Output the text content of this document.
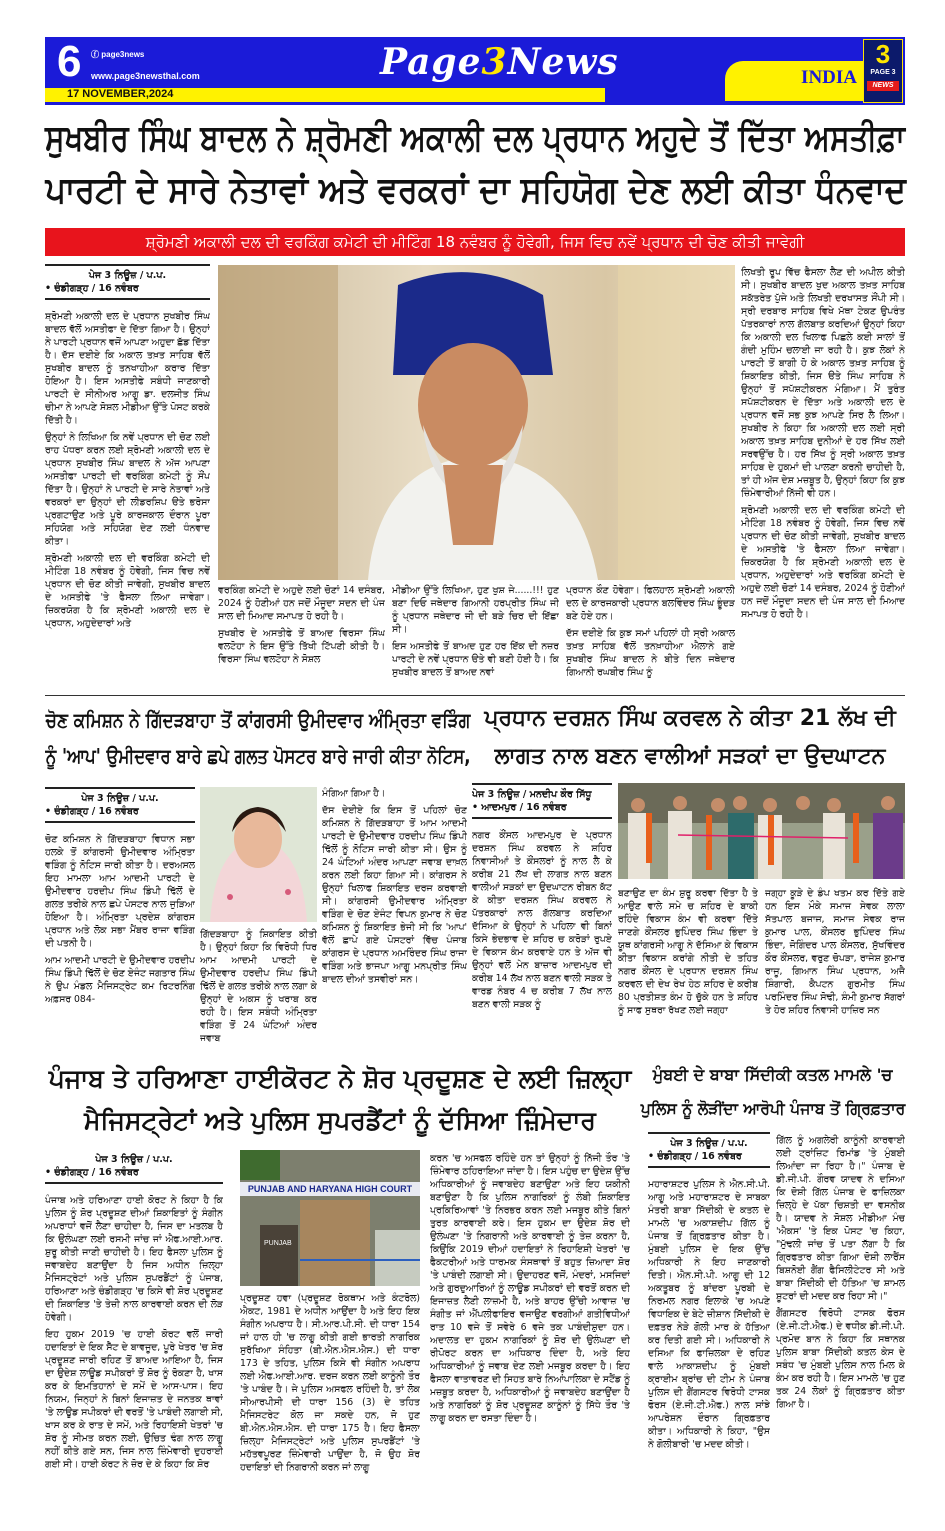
6 ⓕ page3news
www.page3newsthal.com
17 NOVEMBER,2024
Page3News	INDIA
3
PAGE 3
NEWS
ਸੁਖਬੀਰ ਸਿੰਘ ਬਾਦਲ ਨੇ ਸ਼੍ਰੋਮਣੀ ਅਕਾਲੀ ਦਲ ਪ੍ਰਧਾਨ ਅਹੁਦੇ ਤੋਂ ਦਿੱਤਾ ਅਸਤੀਫ਼ਾ
ਪਾਰਟੀ ਦੇ ਸਾਰੇ ਨੇਤਾਵਾਂ ਅਤੇ ਵਰਕਰਾਂ ਦਾ ਸਹਿਯੋਗ ਦੇਣ ਲਈ ਕੀਤਾ ਧੰਨਵਾਦ
ਸ਼੍ਰੋਮਣੀ ਅਕਾਲੀ ਦਲ ਦੀ ਵਰਕਿੰਗ ਕਮੇਟੀ ਦੀ ਮੀਟਿੰਗ 18 ਨਵੰਬਰ ਨੂੰ ਹੋਵੇਗੀ, ਜਿਸ ਵਿਚ ਨਵੇਂ ਪ੍ਰਧਾਨ ਦੀ ਚੋਣ ਕੀਤੀ ਜਾਵੇਗੀ
ਪੇਜ 3 ਨਿਊਜ਼ / ਪ.ਪ.
• ਚੰਡੀਗੜ੍ਹ / 16 ਨਵੰਬਰ

ਸ਼੍ਰੋਮਣੀ ਅਕਾਲੀ ਦਲ ਦੇ ਪ੍ਰਧਾਨ ਸੁਖਬੀਰ ਸਿੰਘ ਬਾਦਲ ਵੱਲੋਂ ਅਸਤੀਫਾ ਦੇ ਦਿੱਤਾ ਗਿਆ ਹੈ। ਉਨ੍ਹਾਂ ਨੇ ਪਾਰਟੀ ਪ੍ਰਧਾਨ ਵਜੋਂ ਆਪਣਾ ਅਹੁਦਾ ਛੱਡ ਦਿੱਤਾ ਹੈ। ਦੱਸ ਦਈਏ ਕਿ ਅਕਾਲ ਤਖ਼ਤ ਸਾਹਿਬ ਵੱਲੋਂ ਸੁਖਬੀਰ ਬਾਦਲ ਨੂੰ ਤਨਖਾਹੀਆ ਕਰਾਰ ਦਿੱਤਾ ਹੋਇਆ ਹੈ। ਇਸ ਅਸਤੀਫੇ ਸਬੰਧੀ ਜਾਣਕਾਰੀ ਪਾਰਟੀ ਦੇ ਸੀਨੀਅਰ ਆਗੂ ਡਾ. ਦਲਜੀਤ ਸਿੰਘ ਚੀਮਾ ਨੇ ਆਪਣੇ ਸੋਸ਼ਲ ਮੀਡੀਆ ਉੱਤੇ ਪੋਸਟ ਕਰਕੇ ਦਿੱਤੀ ਹੈ।

ਉਨ੍ਹਾਂ ਨੇ ਲਿਖਿਆ ਕਿ ਨਵੇਂ ਪ੍ਰਧਾਨ ਦੀ ਚੋਣ ਲਈ ਰਾਹ ਪੱਧਰਾ ਕਰਨ ਲਈ ਸ਼੍ਰੋਮਣੀ ਅਕਾਲੀ ਦਲ ਦੇ ਪ੍ਰਧਾਨ ਸੁਖਬੀਰ ਸਿੰਘ ਬਾਦਲ ਨੇ ਅੱਜ ਆਪਣਾ ਅਸਤੀਫਾ ਪਾਰਟੀ ਦੀ ਵਰਕਿੰਗ ਕਮੇਟੀ ਨੂੰ ਸੌਂਪ ਦਿੱਤਾ ਹੈ। ਉਨ੍ਹਾਂ ਨੇ ਪਾਰਟੀ ਦੇ ਸਾਰੇ ਨੇਤਾਵਾਂ ਅਤੇ ਵਰਕਰਾਂ ਦਾ ਉਨ੍ਹਾਂ ਦੀ ਲੀਡਰਸ਼ਿਪ ੳਤੇ ਭਰੋਸਾ ਪ੍ਰਗਟਾਉਣ ਅਤੇ ਪੂਰੇ ਕਾਰਜਕਾਲ ਦੌਰਾਨ ਪੂਰਾ ਸਹਿਯੋਗ ਅਤੇ ਸਹਿਯੋਗ ਦੇਣ ਲਈ ਧੰਨਵਾਦ ਕੀਤਾ।

ਸ਼੍ਰੋਮਣੀ ਅਕਾਲੀ ਦਲ ਦੀ ਵਰਕਿੰਗ ਕਮੇਟੀ ਦੀ ਮੀਟਿੰਗ 18 ਨਵੰਬਰ ਨੂੰ ਹੋਵੇਗੀ, ਜਿਸ ਵਿਚ ਨਵੇਂ ਪ੍ਰਧਾਨ ਦੀ ਚੋਣ ਕੀਤੀ ਜਾਵੇਗੀ, ਸੁਖਬੀਰ ਬਾਦਲ ਦੇ ਅਸਤੀਫੇ 'ਤੇ ਫੈਸਲਾ ਲਿਆ ਜਾਵੇਗਾ। ਜ਼ਿਕਰਯੋਗ ਹੈ ਕਿ ਸ਼੍ਰੋਮਣੀ ਅਕਾਲੀ ਦਲ ਦੇ ਪ੍ਰਧਾਨ, ਅਹੁਦੇਦਾਰਾਂ ਅਤੇ

ਵਰਕਿੰਗ ਕਮੇਟੀ ਦੇ ਅਹੁਦੇ ਲਈ ਚੋਣਾਂ 14 ਦਸੰਬਰ, 2024 ਨੂੰ ਹੋਣੀਆਂ ਹਨ ਜਦੋਂ ਮੌਜੂਦਾ ਸਦਨ ਦੀ ਪੰਜ ਸਾਲ ਦੀ ਮਿਆਦ ਸਮਾਪਤ ਹੋ ਰਹੀ ਹੈ।

ਸੁਖਬੀਰ ਦੇ ਅਸਤੀਫੇ ਤੋਂ ਬਾਅਦ ਵਿਰਸਾ ਸਿੰਘ ਵਲਟੋਹਾ ਨੇ ਇਸ ਉੱਤੇ ਤਿੱਖੀ ਟਿੱਪਣੀ ਕੀਤੀ ਹੈ। ਵਿਰਸਾ ਸਿੰਘ ਵਲਟੋਹਾ ਨੇ ਸੋਸ਼ਲ

ਮੀਡੀਆ ਉੱਤੇ ਲਿਖਿਆ, ਹੁਣ ਖੁਸ਼ ਜੇ......!!! ਹੁਣ ਬਣਾ ਦਿਓ ਜਥੇਦਾਰ ਗਿਆਨੀ ਹਰਪ੍ਰੀਤ ਸਿੰਘ ਜੀ ਨੂੰ ਪ੍ਰਧਾਨ ਜਥੇਦਾਰ ਜੀ ਦੀ ਬੜੇ ਚਿਰ ਦੀ ਇੱਛਾ ਸੀ।

ਇਸ ਅਸਤੀਫੇ ਤੋਂ ਬਾਅਦ ਹੁਣ ਹਰ ਇੱਕ ਦੀ ਨਜ਼ਰ ਪਾਰਟੀ ਦੇ ਨਵੇਂ ਪ੍ਰਧਾਨ ੳਤੇ ਵੀ ਬਣੀ ਹੋਈ ਹੈ। ਕਿ ਸੁਖਬੀਰ ਬਾਦਲ ਤੋਂ ਬਾਅਦ ਨਵਾਂ

ਪ੍ਰਧਾਨ ਕੌਣ ਹੋਵੇਗਾ। ਫਿਲਹਾਲ ਸ਼੍ਰੋਮਣੀ ਅਕਾਲੀ ਦਲ ਦੇ ਕਾਰਜਕਾਰੀ ਪ੍ਰਧਾਨ ਬਲਵਿੰਦਰ ਸਿੰਘ ਭੂੰਦੜ ਬਣੇ ਹੋਏ ਹਨ।

ਦੱਸ ਦਈਏ ਕਿ ਕੁਝ ਸਮਾਂ ਪਹਿਲਾਂ ਹੀ ਸ੍ਰੀ ਅਕਾਲ ਤਖ਼ਤ ਸਾਹਿਬ ਵੱਲੋਂ ਤਨਖ਼ਾਹੀਆ ਐਲਾਨੇ ਗਏ ਸੁਖਬੀਰ ਸਿੰਘ ਬਾਦਲ ਨੇ ਬੀਤੇ ਦਿਨ ਜਥੇਦਾਰ ਗਿਆਨੀ ਰਘਬੀਰ ਸਿੰਘ ਨੂੰ

ਲਿਖਤੀ ਰੂਪ ਵਿੱਚ ਫੈਸਲਾ ਲੈਣ ਦੀ ਅਪੀਲ ਕੀਤੀ ਸੀ। ਸੁਖਬੀਰ ਬਾਦਲ ਖੁਦ ਅਕਾਲ ਤਖ਼ਤ ਸਾਹਿਬ ਸਕੱਤਰੇਤ ਪੁੱਜੇ ਅਤੇ ਲਿਖਤੀ ਦਰਖਾਸਤ ਸੌਂਪੀ ਸੀ। ਸ੍ਰੀ ਦਰਬਾਰ ਸਾਹਿਬ ਵਿਖੇ ਮੱਥਾ ਟੇਕਣ ਉਪਰੰਤ ਪੱਤਰਕਾਰਾਂ ਨਾਲ ਗੱਲਬਾਤ ਕਰਦਿਆਂ ਉਨ੍ਹਾਂ ਕਿਹਾ ਕਿ ਅਕਾਲੀ ਦਲ ਖਿਲਾਫ ਪਿਛਲੇ ਕਈ ਸਾਲਾਂ ਤੋਂ ਗੰਦੀ ਮੁਹਿੰਮ ਚਲਾਈ ਜਾ ਰਹੀ ਹੈ। ਕੁਝ ਲੋਕਾਂ ਨੇ ਪਾਰਟੀ ਤੋਂ ਬਾਗੀ ਹੋ ਕੇ ਅਕਾਲ ਤਖ਼ਤ ਸਾਹਿਬ ਨੂੰ ਸ਼ਿਕਾਇਤ ਕੀਤੀ, ਜਿਸ ੳਤੇ ਸਿੰਘ ਸਾਹਿਬ ਨੇ ਉਨ੍ਹਾਂ ਤੋਂ ਸਪੱਸ਼ਟੀਕਰਨ ਮੰਗਿਆ। ਮੈਂ ਤੁਰੰਤ ਸਪੱਸ਼ਟੀਕਰਨ ਦੇ ਦਿੱਤਾ ਅਤੇ ਅਕਾਲੀ ਦਲ ਦੇ ਪ੍ਰਧਾਨ ਵਜੋਂ ਸਭ ਕੁਝ ਆਪਣੇ ਸਿਰ ਲੈ ਲਿਆ। ਸੁਖਬੀਰ ਨੇ ਕਿਹਾ ਕਿ ਅਕਾਲੀ ਦਲ ਲਈ ਸ੍ਰੀ ਅਕਾਲ ਤਖ਼ਤ ਸਾਹਿਬ ਦੁਨੀਆਂ ਦੇ ਹਰ ਸਿੱਖ ਲਈ ਸਰਵਉੱਚ ਹੈ। ਹਰ ਸਿੱਖ ਨੂੰ ਸ੍ਰੀ ਅਕਾਲ ਤਖ਼ਤ ਸਾਹਿਬ ਦੇ ਹੁਕਮਾਂ ਦੀ ਪਾਲਣਾ ਕਰਨੀ ਚਾਹੀਦੀ ਹੈ, ਤਾਂ ਹੀ ਅੱਜ ਦੇਸ਼ ਮਜ਼ਬੂਤ ਹੈ, ਉਨ੍ਹਾਂ ਕਿਹਾ ਕਿ ਕੁਝ ਜ਼ਿੰਮੇਵਾਰੀਆਂ ਨਿੱਜੀ ਵੀ ਹਨ।

ਸ਼੍ਰੋਮਣੀ ਅਕਾਲੀ ਦਲ ਦੀ ਵਰਕਿੰਗ ਕਮੇਟੀ ਦੀ ਮੀਟਿੰਗ 18 ਨਵੰਬਰ ਨੂੰ ਹੋਵੇਗੀ, ਜਿਸ ਵਿਚ ਨਵੇਂ ਪ੍ਰਧਾਨ ਦੀ ਚੋਣ ਕੀਤੀ ਜਾਵੇਗੀ, ਸੁਖਬੀਰ ਬਾਦਲ ਦੇ ਅਸਤੀਫੇ 'ਤੇ ਫੈਸਲਾ ਲਿਆ ਜਾਵੇਗਾ। ਜ਼ਿਕਰਯੋਗ ਹੈ ਕਿ ਸ਼੍ਰੋਮਣੀ ਅਕਾਲੀ ਦਲ ਦੇ ਪ੍ਰਧਾਨ, ਅਹੁਦੇਦਾਰਾਂ ਅਤੇ ਵਰਕਿੰਗ ਕਮੇਟੀ ਦੇ ਅਹੁਦੇ ਲਈ ਚੋਣਾਂ 14 ਦਸੰਬਰ, 2024 ਨੂੰ ਹੋਣੀਆਂ ਹਨ ਜਦੋਂ ਮੌਜੂਦਾ ਸਦਨ ਦੀ ਪੰਜ ਸਾਲ ਦੀ ਮਿਆਦ ਸਮਾਪਤ ਹੋ ਰਹੀ ਹੈ।

ਚੋਣ ਕਮਿਸ਼ਨ ਨੇ ਗਿੱਦੜਬਾਹਾ ਤੋਂ ਕਾਂਗਰਸੀ ਉਮੀਦਵਾਰ ਅੰਮ੍ਰਿਤਾ ਵੜਿੰਗ
ਨੂੰ 'ਆਪ' ਉਮੀਦਵਾਰ ਬਾਰੇ ਛਪੇ ਗਲਤ ਪੋਸਟਰ ਬਾਰੇ ਜਾਰੀ ਕੀਤਾ ਨੋਟਿਸ,
ਪੇਜ 3 ਨਿਊਜ਼ / ਪ.ਪ.
• ਚੰਡੀਗੜ੍ਹ / 16 ਨਵੰਬਰ

ਚੋਣ ਕਮਿਸ਼ਨ ਨੇ ਗਿੱਦੜਬਾਹਾ ਵਿਧਾਨ ਸਭਾ ਹਲਕੇ ਤੋਂ ਕਾਂਗਰਸੀ ਉਮੀਦਵਾਰ ਅੰਮ੍ਰਿਤਾ ਵੜਿੰਗ ਨੂੰ ਨੋਟਿਸ ਜਾਰੀ ਕੀਤਾ ਹੈ। ਦਰਅਸਲ ਇਹ ਮਾਮਲਾ ਆਮ ਆਦਮੀ ਪਾਰਟੀ ਦੇ ਉਮੀਦਵਾਰ ਹਰਦੀਪ ਸਿੰਘ ਡਿੰਪੀ ਢਿੱਲੋਂ ਦੇ ਗਲਤ ਤਰੀਕੇ ਨਾਲ ਛਪੇ ਪੋਸਟਰ ਨਾਲ ਜੁੜਿਆ ਹੋਇਆ ਹੈ। ਅੰਮ੍ਰਿਤਾ ਪ੍ਰਦੇਸ਼ ਕਾਂਗਰਸ ਪ੍ਰਧਾਨ ਅਤੇ ਲੋਕ ਸਭਾ ਮੈਂਬਰ ਰਾਜਾ ਵੜਿੰਗ ਦੀ ਪਤਨੀ ਹੈ।

ਆਮ ਆਦਮੀ ਪਾਰਟੀ ਦੇ ਉਮੀਦਵਾਰ ਹਰਦੀਪ ਸਿੰਘ ਡਿੰਪੀ ਢਿੱਲੋਂ ਦੇ ਚੋਣ ਏਜੰਟ ਜਗਤਾਰ ਸਿੰਘ ਨੇ ਉਪ ਮੰਡਲ ਮੈਜਿਸਟ੍ਰੇਟ ਕਮ ਰਿਟਰਨਿੰਗ ਅਫ਼ਸਰ 084-

ਗਿੱਦੜਬਾਹਾ ਨੂੰ ਸ਼ਿਕਾਇਤ ਕੀਤੀ ਹੈ। ਉਨ੍ਹਾਂ ਕਿਹਾ ਕਿ ਵਿਰੋਧੀ ਧਿਰ ਆਮ ਆਦਮੀ ਪਾਰਟੀ ਦੇ ਉਮੀਦਵਾਰ ਹਰਦੀਪ ਸਿੰਘ ਡਿੰਪੀ ਢਿੱਲੋਂ ਦੇ ਗਲਤ ਤਰੀਕੇ ਨਾਲ ਲਗਾ ਕੇ ਉਨ੍ਹਾਂ ਦੇ ਅਕਸ ਨੂੰ ਖਰਾਬ ਕਰ ਰਹੀ ਹੈ। ਇਸ ਸਬੰਧੀ ਅੰਮ੍ਰਿਤਾ ਵੜਿੰਗ ਤੋਂ 24 ਘੰਟਿਆਂ ਅੰਦਰ ਜਵਾਬ

ਮੰਗਿਆ ਗਿਆ ਹੈ।

ਦੱਸ ਦੇਈਏ ਕਿ ਇਸ ਤੋਂ ਪਹਿਲਾਂ ਚੋਣ ਕਮਿਸ਼ਨ ਨੇ ਗਿੱਦੜਬਾਹਾ ਤੋਂ ਆਮ ਆਦਮੀ ਪਾਰਟੀ ਦੇ ਉਮੀਦਵਾਰ ਹਰਦੀਪ ਸਿੰਘ ਡਿੰਪੀ ਢਿੱਲੋਂ ਨੂੰ ਨੋਟਿਸ ਜਾਰੀ ਕੀਤਾ ਸੀ। ਉਸ ਨੂੰ 24 ਘੰਟਿਆਂ ਅੰਦਰ ਆਪਣਾ ਜਵਾਬ ਦਾਖ਼ਲ ਕਰਨ ਲਈ ਕਿਹਾ ਗਿਆ ਸੀ। ਕਾਂਗਰਸ ਨੇ ਉਨ੍ਹਾਂ ਖਿਲਾਫ ਸ਼ਿਕਾਇਤ ਦਰਜ ਕਰਵਾਈ ਸੀ। ਕਾਂਗਰਸੀ ਉਮੀਦਵਾਰ ਅੰਮ੍ਰਿਤਾ ਵੜਿੰਗ ਦੇ ਚੋਣ ਏਜੰਟ ਵਿਪਨ ਕੁਮਾਰ ਨੇ ਚੋਣ ਕਮਿਸ਼ਨ ਨੂੰ ਸ਼ਿਕਾਇਤ ਭੇਜੀ ਸੀ ਕਿ 'ਆਪ' ਵੱਲੋਂ ਛਾਪੇ ਗਏ ਪੋਸਟਰਾਂ ਵਿੱਚ ਪੰਜਾਬ ਕਾਂਗਰਸ ਦੇ ਪ੍ਰਧਾਨ ਅਮਰਿੰਦਰ ਸਿੰਘ ਰਾਜਾ ਵੜਿੰਗ ਅਤੇ ਭਾਜਪਾ ਆਗੂ ਮਨਪ੍ਰੀਤ ਸਿੰਘ ਬਾਦਲ ਦੀਆਂ ਤਸਵੀਰਾਂ ਸਨ।

ਪ੍ਰਧਾਨ ਦਰਸ਼ਨ ਸਿੰਘ ਕਰਵਲ ਨੇ ਕੀਤਾ 21 ਲੱਖ ਦੀ
ਲਾਗਤ ਨਾਲ ਬਣਨ ਵਾਲੀਆਂ ਸੜਕਾਂ ਦਾ ਉਦਘਾਟਨ
ਪੇਜ 3 ਨਿਊਜ਼ / ਮਨਦੀਪ ਕੌਰ ਸਿੱਧੂ
• ਆਦਮਪੁਰ / 16 ਨਵੰਬਰ

ਨਗਰ ਕੌਂਸਲ ਆਦਮਪੁਰ ਦੇ ਪ੍ਰਧਾਨ ਦਰਸ਼ਨ ਸਿੰਘ ਕਰਵਲ ਨੇ ਸ਼ਹਿਰ ਨਿਵਾਸੀਆਂ ਤੇ ਕੌਂਸਲਰਾਂ ਨੂੰ ਨਾਲ ਲੈ ਕੇ ਕਰੀਬ 21 ਲੱਖ ਦੀ ਲਾਗਤ ਨਾਲ ਬਣਨ ਵਾਲੀਆਂ ਸੜਕਾਂ ਦਾ ਉਦਘਾਟਨ ਰੀਬਨ ਕੱਟ ਕੇ ਕੀਤਾ ਦਰਸ਼ਨ ਸਿੰਘ ਕਰਵਲ ਨੇ ਪੱਤਰਕਾਰਾਂ ਨਾਲ ਗੱਲਬਾਤ ਕਰਦਿਆ ਦੱਸਿਆ ਕੇ ਉਨ੍ਹਾਂ ਨੇ ਪਹਿਲਾ ਵੀ ਬਿਨਾਂ ਕਿਸੇ ਭੇਦਭਾਵ ਦੇ ਸ਼ਹਿਰ ਚ ਕਰੋੜਾਂ ਰੁਪਏ ਦੇ ਵਿਕਾਸ ਕੰਮ ਕਰਵਾਏ ਹਨ ਤੇ ਅੱਜ ਵੀ ਉਨ੍ਹਾਂ ਵਲੋਂ ਮੇਨ ਬਾਜ਼ਾਰ ਆਦਮਪੁਰ ਦੀ ਕਰੀਬ 14 ਲੱਖ ਨਾਲ ਬਣਨ ਵਾਲੀ ਸੜਕ ਤੇ ਵਾਰਡ ਨੰਬਰ 4 ਚ ਕਰੀਬ 7 ਲੱਖ ਨਾਲ ਬਣਨ ਵਾਲੀ ਸੜਕ ਨੂੰ

ਬਣਾਉਣ ਦਾ ਕੰਮ ਸ਼ੁਰੂ ਕਰਵਾ ਦਿੱਤਾ ਹੈ ਤੇ ਆਉਣ ਵਾਲੇ ਸਮੇ ਚ ਸ਼ਹਿਰ ਦੇ ਬਾਕੀ ਰਹਿੰਦੇ ਵਿਕਾਸ ਕੰਮ ਵੀ ਕਰਵਾ ਦਿੱਤੇ ਜਾਣਗੇ ਕੌਂਸਲਰ ਭੁਪਿੰਦਰ ਸਿੰਘ ਭਿੰਦਾ ਤੇ ਯੂਥ ਕਾਂਗਰਸੀ ਆਗੂ ਨੇ ਦੱਸਿਆ ਕੇ ਵਿਕਾਸ ਕੀਤਾ ਵਿਕਾਸ ਕਰਾਂਗੇ ਨੀਤੀ ਦੇ ਤਹਿਤ ਨਗਰ ਕੌਂਸਲ ਦੇ ਪ੍ਰਧਾਨ ਦਰਸ਼ਨ ਸਿੰਘ ਕਰਵਲ ਦੀ ਦੇਖ ਰੇਖ ਹੇਠ ਸ਼ਹਿਰ ਦੇ ਕਰੀਬ 80 ਪ੍ਰਤੀਸ਼ਤ ਕੰਮ ਹੋ ਚੁੱਕੇ ਹਨ ਤੇ ਸ਼ਹਿਰ ਨੂੰ ਸਾਫ ਸੁਥਰਾ ਰੱਖਣ ਲਈ ਜਗ੍ਹਾ

ਜਗ੍ਹਾ ਕੂੜੇ ਦੇ ਡੰਪ ਖਤਮ ਕਰ ਦਿੱਤੇ ਗਏ ਹਨ ਇਸ ਮੌਕੇ ਸਮਾਜ ਸੇਵਕ ਲਾਲਾ ਸੱਤਪਾਲ ਬਜਾਜ, ਸਮਾਜ ਸੇਵਕ ਰਾਜ ਕੁਮਾਰ ਪਾਲ, ਕੌਂਸਲਰ ਭੁਪਿੰਦਰ ਸਿੰਘ ਭਿੰਦਾ, ਜੋਗਿੰਦਰ ਪਾਲ ਕੌਂਸਲਰ, ਸੁੱਖਵਿੰਦਰ ਕੌਰ ਕੌਂਸਲਰ, ਵਰੁਣ ਚੋਪੜਾ, ਰਾਜੇਸ਼ ਕੁਮਾਰ ਰਾਜੂ, ਗਿਆਨ ਸਿੰਘ ਪ੍ਰਧਾਨ, ਅਜੈ ਸ਼ਿੰਗਾਰੀ, ਕੈਪਟਨ ਗੁਰਮੀਤ ਸਿੰਘ ਪਰਮਿੰਦਰ ਸਿੰਘ ਸੋਢੀ, ਸ਼ੰਮੀ ਕੁਮਾਰ ਸੱਗਰਾਂ ਤੇ ਹੋਰ ਸ਼ਹਿਰ ਨਿਵਾਸੀ ਹਾਜ਼ਿਰ ਸਨ

ਪੰਜਾਬ ਤੇ ਹਰਿਆਣਾ ਹਾਈਕੋਰਟ ਨੇ ਸ਼ੋਰ ਪ੍ਰਦੂਸ਼ਣ ਦੇ ਲਈ ਜ਼ਿਲ੍ਹਾ
ਮੈਜਿਸਟ੍ਰੇਟਾਂ ਅਤੇ ਪੁਲਿਸ ਸੁਪਰਡੈਂਟਾਂ ਨੂੰ ਦੱਸਿਆ ਜ਼ਿੰਮੇਦਾਰ
ਪੇਜ 3 ਨਿਊਜ਼ / ਪ.ਪ.
• ਚੰਡੀਗੜ੍ਹ / 16 ਨਵੰਬਰ

ਪੰਜਾਬ ਅਤੇ ਹਰਿਆਣਾ ਹਾਈ ਕੋਰਟ ਨੇ ਕਿਹਾ ਹੈ ਕਿ ਪੁਲਿਸ ਨੂੰ ਸ਼ੋਰ ਪ੍ਰਦੂਸ਼ਣ ਦੀਆਂ ਸ਼ਿਕਾਇਤਾਂ ਨੂੰ ਸੰਗੀਨ ਅਪਰਾਧਾਂ ਵਜੋਂ ਲੈਣਾ ਚਾਹੀਦਾ ਹੈ, ਜਿਸ ਦਾ ਮਤਲਬ ਹੈ ਕਿ ਉਲੰਘਣਾ ਲਈ ਰਸਮੀ ਜਾਂਚ ਜਾਂ ਐਫ.ਆਈ.ਆਰ. ਸ਼ੁਰੂ ਕੀਤੀ ਜਾਣੀ ਚਾਹੀਦੀ ਹੈ। ਇਹ ਫੈਸਲਾ ਪੁਲਿਸ ਨੂੰ ਜਵਾਬਦੇਹ ਬਣਾਉਂਦਾ ਹੈ ਜਿਸ ਅਧੀਨ ਜ਼ਿਲ੍ਹਾ ਮੈਜਿਸਟ੍ਰੇਟਾਂ ਅਤੇ ਪੁਲਿਸ ਸੁਪਰਡੈਂਟਾਂ ਨੂੰ ਪੰਜਾਬ, ਹਰਿਆਣਾ ਅਤੇ ਚੰਡੀਗੜ੍ਹ 'ਚ ਕਿਸੇ ਵੀ ਸ਼ੋਰ ਪ੍ਰਦੂਸ਼ਣ ਦੀ ਸ਼ਿਕਾਇਤ 'ਤੇ ਤੇਜ਼ੀ ਨਾਲ ਕਾਰਵਾਈ ਕਰਨ ਦੀ ਲੋੜ ਹੋਵੇਗੀ।

ਇਹ ਹੁਕਮ 2019 'ਚ ਹਾਈ ਕੋਰਟ ਵਲੋਂ ਜਾਰੀ ਹਦਾਇਤਾਂ ਦੇ ਇਕ ਸੈੱਟ ਦੇ ਬਾਵਜੂਦ, ਪੂਰੇ ਖੇਤਰ 'ਚ ਸ਼ੋਰ ਪ੍ਰਦੂਸ਼ਣ ਜਾਰੀ ਰਹਿਣ ਤੋਂ ਬਾਅਦ ਆਇਆ ਹੈ, ਜਿਸ ਦਾ ਉਦੇਸ਼ ਲਾਊਡ ਸਪੀਕਰਾਂ ਤੋਂ ਸ਼ੋਰ ਨੂੰ ਰੋਕਣਾ ਹੈ, ਖਾਸ ਕਰ ਕੇ ਇਮਤਿਹਾਨਾਂ ਦੇ ਸਮੇਂ ਦੇ ਆਸ-ਪਾਸ। ਇਹ ਨਿਯਮ, ਜਿਨ੍ਹਾਂ ਨੇ ਬਿਨਾਂ ਇਜਾਜ਼ਤ ਦੇ ਜਨਤਕ ਥਾਵਾਂ 'ਤੇ ਲਾਊਡ ਸਪੀਕਰਾਂ ਦੀ ਵਰਤੋਂ 'ਤੇ ਪਾਬੰਦੀ ਲਗਾਈ ਸੀ, ਖਾਸ ਕਰ ਕੇ ਰਾਤ ਦੇ ਸਮੇਂ, ਅਤੇ ਰਿਹਾਇਸ਼ੀ ਖੇਤਰਾਂ 'ਚ ਸ਼ੋਰ ਨੂੰ ਸੀਮਤ ਕਰਨ ਲਈ, ਉਚਿਤ ਢੰਗ ਨਾਲ ਲਾਗੂ ਨਹੀਂ ਕੀਤੇ ਗਏ ਸਨ, ਜਿਸ ਨਾਲ ਜ਼ਿੰਮੇਵਾਰੀ ਦੁਹਰਾਈ ਗਈ ਸੀ। ਹਾਈ ਕੋਰਟ ਨੇ ਜ਼ੋਰ ਦੇ ਕੇ ਕਿਹਾ ਕਿ ਸ਼ੋਰ

PUNJAB
PUNJAB AND HARYANA HIGH COURT

ਪ੍ਰਦੂਸ਼ਣ ਹਵਾ (ਪ੍ਰਦੂਸ਼ਣ ਰੋਕਥਾਮ ਅਤੇ ਕੰਟਰੋਲ) ਐਕਟ, 1981 ਦੇ ਅਧੀਨ ਆਉਂਦਾ ਹੈ ਅਤੇ ਇਹ ਇਕ ਸੰਗੀਨ ਅਪਰਾਧ ਹੈ। ਸੀ.ਆਰ.ਪੀ.ਸੀ. ਦੀ ਧਾਰਾ 154 ਜਾਂ ਹਾਲ ਹੀ 'ਚ ਲਾਗੂ ਕੀਤੀ ਗਈ ਭਾਰਤੀ ਨਾਗਰਿਕ ਸੁਰੱਖਿਆ ਸੰਹਿਤਾ (ਬੀ.ਐਨ.ਐਸ.ਐਸ.) ਦੀ ਧਾਰਾ 173 ਦੇ ਤਹਿਤ, ਪੁਲਿਸ ਕਿਸੇ ਵੀ ਸੰਗੀਨ ਅਪਰਾਧ ਲਈ ਐਫ.ਆਈ.ਆਰ. ਦਰਜ ਕਰਨ ਲਈ ਕਾਨੂੰਨੀ ਤੌਰ 'ਤੇ ਪਾਬੰਦ ਹੈ। ਜੇ ਪੁਲਿਸ ਅਸਫਲ ਰਹਿੰਦੀ ਹੈ, ਤਾਂ ਲੋਕ ਸੀਆਰਪੀਸੀ ਦੀ ਧਾਰਾ 156 (3) ਦੇ ਤਹਿਤ ਮੈਜਿਸਟਰੇਟ ਕੋਲ ਜਾ ਸਕਦੇ ਹਨ, ਜੋ ਹੁਣ ਬੀ.ਐਨ.ਐਸ.ਐਸ. ਦੀ ਧਾਰਾ 175 ਹੈ। ਇਹ ਫੈਸਲਾ ਜ਼ਿਲ੍ਹਾ ਮੈਜਿਸਟ੍ਰੇਟਾਂ ਅਤੇ ਪੁਲਿਸ ਸੁਪਰਡੈਂਟਾਂ 'ਤੇ ਮਹੱਤਵਪੂਰਣ ਜ਼ਿੰਮੇਵਾਰੀ ਪਾਉਂਦਾ ਹੈ, ਜੋ ਉਹ ਸ਼ੋਰ ਹਦਾਇਤਾਂ ਦੀ ਨਿਗਰਾਨੀ ਕਰਨ ਜਾਂ ਲਾਗੂ

ਕਰਨ 'ਚ ਅਸਫਲ ਰਹਿੰਦੇ ਹਨ ਤਾਂ ਉਨ੍ਹਾਂ ਨੂੰ ਨਿੱਜੀ ਤੌਰ 'ਤੇ ਜ਼ਿੰਮੇਵਾਰ ਠਹਿਰਾਇਆ ਜਾਂਦਾ ਹੈ। ਇਸ ਪਹੁੰਚ ਦਾ ਉਦੇਸ਼ ਉੱਚ ਅਧਿਕਾਰੀਆਂ ਨੂੰ ਜਵਾਬਦੇਹ ਬਣਾਉਣਾ ਅਤੇ ਇਹ ਯਕੀਨੀ ਬਣਾਉਣਾ ਹੈ ਕਿ ਪੁਲਿਸ ਨਾਗਰਿਕਾਂ ਨੂੰ ਲੰਬੀ ਸ਼ਿਕਾਇਤ ਪ੍ਰਕਿਰਿਆਵਾਂ 'ਤੇ ਨਿਰਭਰ ਕਰਨ ਲਈ ਮਜਬੂਰ ਕੀਤੇ ਬਿਨਾਂ ਤੁਰਤ ਕਾਰਵਾਈ ਕਰੇ। ਇਸ ਹੁਕਮ ਦਾ ਉਦੇਸ਼ ਸ਼ੋਰ ਦੀ ਉਲੰਘਣਾ 'ਤੇ ਨਿਗਰਾਨੀ ਅਤੇ ਕਾਰਵਾਈ ਨੂੰ ਤੇਜ਼ ਕਰਨਾ ਹੈ, ਕਿਉਂਕਿ 2019 ਦੀਆਂ ਹਦਾਇਤਾਂ ਨੇ ਰਿਹਾਇਸ਼ੀ ਖੇਤਰਾਂ 'ਚ ਫੈਕਟਰੀਆਂ ਅਤੇ ਧਾਰਮਕ ਸੰਸਥਾਵਾਂ ਤੋਂ ਬਹੁਤ ਜ਼ਿਆਦਾ ਸ਼ੋਰ 'ਤੇ ਪਾਬੰਦੀ ਲਗਾਈ ਸੀ। ਉਦਾਹਰਣ ਵਜੋਂ, ਮੰਦਰਾਂ, ਮਸਜਿਦਾਂ ਅਤੇ ਗੁਰਦੁਆਰਿਆਂ ਨੂੰ ਲਾਊਡ ਸਪੀਕਰਾਂ ਦੀ ਵਰਤੋਂ ਕਰਨ ਦੀ ਇਜਾਜ਼ਤ ਲੈਣੀ ਲਾਜ਼ਮੀ ਹੈ, ਅਤੇ ਬਾਹਰ ਉੱਚੀ ਆਵਾਜ਼ 'ਚ ਸੰਗੀਤ ਜਾਂ ਐਂਪਲੀਫਾਇਰ ਵਜਾਉਣ ਵਰਗੀਆਂ ਗਤੀਵਿਧੀਆਂ ਰਾਤ 10 ਵਜੇ ਤੋਂ ਸਵੇਰੇ 6 ਵਜੇ ਤਕ ਪਾਬੰਦੀਸ਼ੁਦਾ ਹਨ। ਅਦਾਲਤ ਦਾ ਹੁਕਮ ਨਾਗਰਿਕਾਂ ਨੂੰ ਸ਼ੋਰ ਦੀ ਉਲੰਘਣਾ ਦੀ ਰੀਪੋਰਟ ਕਰਨ ਦਾ ਅਧਿਕਾਰ ਦਿੰਦਾ ਹੈ, ਅਤੇ ਇਹ ਅਧਿਕਾਰੀਆਂ ਨੂੰ ਜਵਾਬ ਦੇਣ ਲਈ ਮਜਬੂਰ ਕਰਦਾ ਹੈ। ਇਹ ਫੈਸਲਾ ਵਾਤਾਵਰਣ ਦੀ ਸਿਹਤ ਬਾਰੇ ਨਿਆਂਪਾਲਿਕਾ ਦੇ ਸਟੈਂਡ ਨੂੰ ਮਜ਼ਬੂਤ ਕਰਦਾ ਹੈ, ਅਧਿਕਾਰੀਆਂ ਨੂੰ ਜਵਾਬਦੇਹ ਬਣਾਉਂਦਾ ਹੈ ਅਤੇ ਨਾਗਰਿਕਾਂ ਨੂੰ ਸ਼ੋਰ ਪ੍ਰਦੂਸ਼ਣ ਕਾਨੂੰਨਾਂ ਨੂੰ ਸਿੱਧੇ ਤੌਰ 'ਤੇ ਲਾਗੂ ਕਰਨ ਦਾ ਰਸਤਾ ਦਿੰਦਾ ਹੈ।

ਮੁੰਬਈ ਦੇ ਬਾਬਾ ਸਿੱਦੀਕੀ ਕਤਲ ਮਾਮਲੇ 'ਚ
ਪੁਲਿਸ ਨੂੰ ਲੋੜੀਂਦਾ ਆਰੋਪੀ ਪੰਜਾਬ ਤੋਂ ਗ੍ਰਿਫ਼ਤਾਰ
ਪੇਜ 3 ਨਿਊਜ਼ / ਪ.ਪ.
• ਚੰਡੀਗੜ੍ਹ / 16 ਨਵੰਬਰ

ਮਹਾਰਾਸ਼ਟਰ ਪੁਲਿਸ ਨੇ ਐਨ.ਸੀ.ਪੀ. ਆਗੂ ਅਤੇ ਮਹਾਰਾਸ਼ਟਰ ਦੇ ਸਾਬਕਾ ਮੰਤਰੀ ਬਾਬਾ ਸਿੱਦੀਕੀ ਦੇ ਕਤਲ ਦੇ ਮਾਮਲੇ 'ਚ ਅਕਾਸ਼ਦੀਪ ਗਿੱਲ ਨੂੰ ਪੰਜਾਬ ਤੋਂ ਗ੍ਰਿਫ਼ਤਾਰ ਕੀਤਾ ਹੈ। ਮੁੰਬਈ ਪੁਲਿਸ ਦੇ ਇਕ ਉੱਚ ਅਧਿਕਾਰੀ ਨੇ ਇਹ ਜਾਣਕਾਰੀ ਦਿਤੀ। ਐਨ.ਸੀ.ਪੀ. ਆਗੂ ਦੀ 12 ਅਕਤੂਬਰ ਨੂੰ ਬਾਂਦਰਾ ਪੂਰਬੀ ਦੇ ਨਿਰਮਲ ਨਗਰ ਇਲਾਕੇ 'ਚ ਅਪਣੇ ਵਿਧਾਇਕ ਦੇ ਬੇਟੇ ਜ਼ੀਸ਼ਾਨ ਸਿੱਦੀਕੀ ਦੇ ਦਫ਼ਤਰ ਨੇੜੇ ਗੋਲੀ ਮਾਰ ਕੇ ਹੱਤਿਆ ਕਰ ਦਿਤੀ ਗਈ ਸੀ। ਅਧਿਕਾਰੀ ਨੇ ਦਸਿਆ ਕਿ ਫਾਜ਼ਿਲਕਾ ਦੇ ਰਹਿਣ ਵਾਲੇ ਆਕਾਸ਼ਦੀਪ ਨੂੰ ਮੁੰਬਈ ਕ੍ਰਾਈਮ ਬ੍ਰਾਂਚ ਦੀ ਟੀਮ ਨੇ ਪੰਜਾਬ ਪੁਲਿਸ ਦੀ ਗੈਂਗਸਟਰ ਵਿਰੋਧੀ ਟਾਸਕ ਫੋਰਸ (ਏ.ਜੀ.ਟੀ.ਐਫ.) ਨਾਲ ਸਾਂਝੇ ਆਪਰੇਸ਼ਨ ਦੌਰਾਨ ਗ੍ਰਿਫ਼ਤਾਰ ਕੀਤਾ। ਅਧਿਕਾਰੀ ਨੇ ਕਿਹਾ, "ਉਸ ਨੇ ਗੋਲੀਬਾਰੀ 'ਚ ਮਦਦ ਕੀਤੀ।

ਗਿੱਲ ਨੂੰ ਅਗਲੇਰੀ ਕਾਨੂੰਨੀ ਕਾਰਵਾਈ ਲਈ ਟ੍ਰਾਂਜ਼ਿਟ ਰਿਮਾਂਡ 'ਤੇ ਮੁੰਬਈ ਲਿਆਂਦਾ ਜਾ ਰਿਹਾ ਹੈ।" ਪੰਜਾਬ ਦੇ ਡੀ.ਜੀ.ਪੀ. ਗੌਰਵ ਯਾਦਵ ਨੇ ਦਸਿਆ ਕਿ ਦੋਸ਼ੀ ਗਿੱਲ ਪੰਜਾਬ ਦੇ ਫਾਜ਼ਿਲਕਾ ਜ਼ਿਲ੍ਹੇ ਦੇ ਪੱਕਾ ਚਿਸ਼ਤੀ ਦਾ ਵਸਨੀਕ ਹੈ। ਯਾਦਵ ਨੇ ਸੋਸ਼ਲ ਮੀਡੀਆ ਮੰਚ 'ਐਕਸ' 'ਤੇ ਇਕ ਪੋਸਟ 'ਚ ਕਿਹਾ, "ਮੁੱਢਲੀ ਜਾਂਚ ਤੋਂ ਪਤਾ ਲੱਗਾ ਹੈ ਕਿ ਗ੍ਰਿਫਤਾਰ ਕੀਤਾ ਗਿਆ ਦੋਸ਼ੀ ਲਾਰੈਂਸ ਬਿਸ਼ਨੋਈ ਗੈਂਗ ਫੈਸਿਲੀਟੇਟਰ ਸੀ ਅਤੇ ਬਾਬਾ ਸਿੱਦੀਕੀ ਦੀ ਹੱਤਿਆ 'ਚ ਸ਼ਾਮਲ ਸ਼ੂਟਰਾਂ ਦੀ ਮਦਦ ਕਰ ਰਿਹਾ ਸੀ।"

ਗੈਂਗਸਟਰ ਵਿਰੋਧੀ ਟਾਸਕ ਫੋਰਸ (ਏ.ਜੀ.ਟੀ.ਐਫ.) ਦੇ ਵਧੀਕ ਡੀ.ਜੀ.ਪੀ. ਪ੍ਰਮੋਦ ਬਾਨ ਨੇ ਕਿਹਾ ਕਿ ਸਥਾਨਕ ਪੁਲਿਸ ਬਾਬਾ ਸਿੱਦੀਕੀ ਕਤਲ ਕੇਸ ਦੇ ਸਬੰਧ 'ਚ ਮੁੰਬਈ ਪੁਲਿਸ ਨਾਲ ਮਿਲ ਕੇ ਕੰਮ ਕਰ ਰਹੀ ਹੈ। ਇਸ ਮਾਮਲੇ 'ਚ ਹੁਣ ਤਕ 24 ਲੋਕਾਂ ਨੂੰ ਗ੍ਰਿਫ਼ਤਾਰ ਕੀਤਾ ਗਿਆ ਹੈ।
